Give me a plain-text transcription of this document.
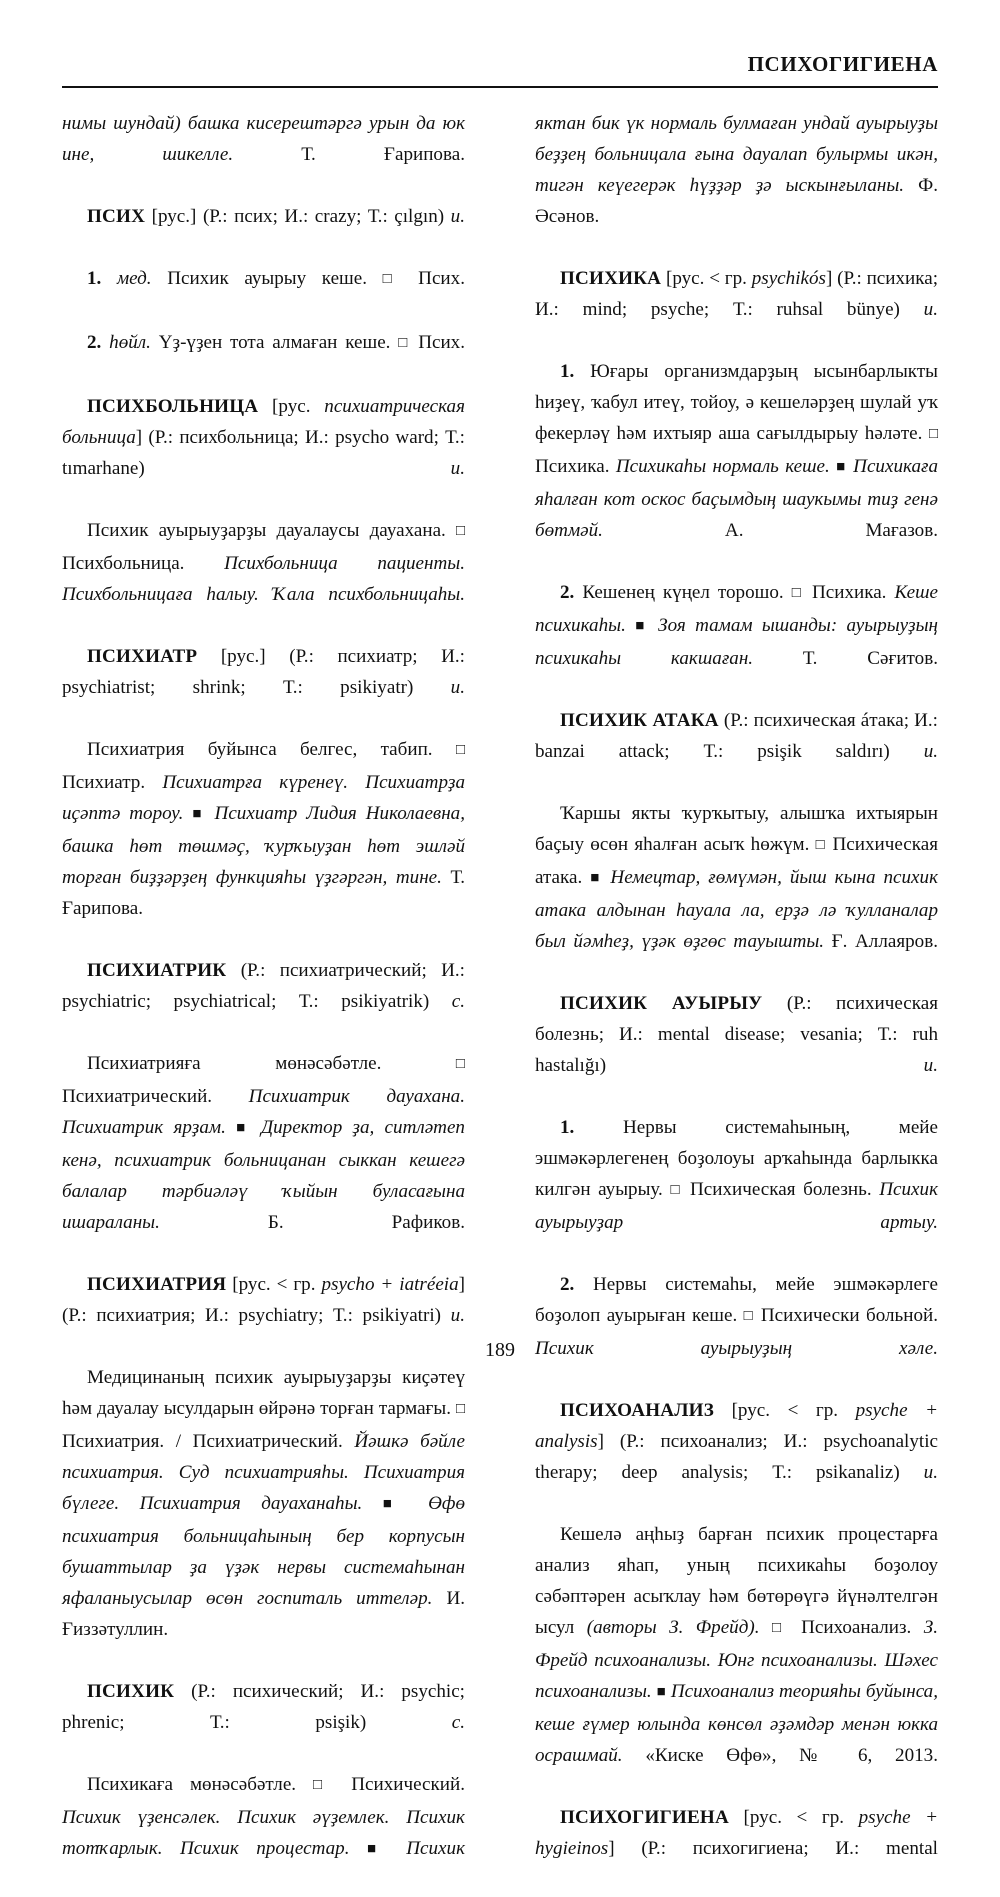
ПСИХОГИГИЕНА

нимы шундай) башка кисерештәргә урын да юк ине, шикелле.	Т. Ғарипова.

ПСИХ [рус.] (Р.: псих; И.: crazy; Т.: çılgın) и.

1. мед. Психик ауырыу кеше. □	Псих.

2. һөйл. Үҙ-үҙен тота алмаған кеше. □ Псих.

ПСИХБОЛЬНИЦА [рус. психиатрическая больница] (Р.: психбольница; И.: psycho ward; Т.: tımarhane)	и.

Психик ауырыуҙарҙы дауалаусы дауахана. □ Психбольница. Психбольница пациенты. Психбольницаға һалыу. Ҡала психбольницаһы.

ПСИХИАТР [рус.] (Р.: психиатр; И.: psychiatrist; shrink; Т.: psikiyatr) и.

Психиатрия буйынса белгес, табип. □ Психиатр. Психиатрға күренеү. Психиатрҙа иҫәптә тороу. ■ Психиатр Лидия Николаевна, башка һөт төшмәҫ, ҡурҡыуҙан һөт эшләй торған биҙҙәрҙең функцияһы үҙгәргән, тине. Т. Ғарипова.

ПСИХИАТРИК (Р.: психиатрический; И.: psychiatric; psychiatrical; Т.: psikiyatrik) с.

Психиатрияға мөнәсәбәтле. □ Психиатрический. Психиатрик дауахана. Психиатрик ярҙам. ■ Директор ҙа, ситләтеп кенә, психиатрик больницанан сыккан кешегә балалар тәрбиәләү ҡыйын буласағына ишараланы.	Б. Рафиков.

ПСИХИАТРИЯ [рус. < гр. psycho + iatréeia] (Р.: психиатрия; И.: psychiatry; Т.: psikiyatri) и.

Медицинаның психик ауырыуҙарҙы киҫәтеү һәм дауалау ысулдарын өйрәнә торған тармағы. □ Психиатрия. / Психиатрический. Йәшкә бәйле психиатрия. Суд психиатрияһы. Психиатрия бүлеге. Психиатрия дауаханаһы. ■	Өфө психиатрия больницаһының бер корпусын бушаттылар ҙа үҙәк нервы системаһынан яфаланыусылар өсөн госпиталь иттеләр. И. Ғиззәтуллин.

ПСИХИК (Р.: психический; И.: psychic; phrenic; Т.: psişik)	с.

Психикаға мөнәсәбәтле. □	Психический. Психик үҙенсәлек. Психик әүҙемлек. Психик тотҡарлык. Психик процестар. ■	Психик

яктан бик үк нормаль булмаған ундай ауырыуҙы беҙҙең больницала ғына дауалап булырмы икән, тигән кеүегерәк һүҙҙәр ҙә ыскынғыланы. Ф. Әсәнов.

ПСИХИКА [рус. < гр. psychikós] (Р.: психика; И.: mind; psyche; Т.: ruhsal bünye) и.

1. Юғары организмдарҙың ысынбарлыкты һиҙеү, ҡабул итеү, тойоу, ә кешеләрҙең шулай уҡ фекерләү һәм ихтыяр аша сағылдырыу һәләте. □ Психика. Психикаһы нормаль кеше. ■ Психикаға яһалған кот оскос баҫымдың шаукымы тиҙ генә бөтмәй.	А. Мағазов.

2. Кешенең күңел торошо. □ Психика. Кеше психикаһы. ■ Зоя тамам ышанды: ауырыуҙың психикаһы какшаған.	Т. Сәғитов.

ПСИХИК АТАКА (Р.: психическая áтака; И.: banzai attack; Т.: psişik saldırı) и.

Ҡаршы якты ҡурҡытыу, алышҡа ихтыярын баҫыу өсөн яһалған асыҡ һөжүм. □ Психическая атака. ■ Немецтар, ғөмүмән, йыш кына психик атака алдынан һауала ла, ерҙә лә ҡулланалар был йәмһеҙ, үҙәк өҙгөс тауышты. Ғ. Аллаяров.

ПСИХИК АУЫРЫУ (Р.: психическая болезнь; И.: mental disease; vesania; Т.: ruh hastalığı)	и.

1.	Нервы системаһының, мейе эшмәкәрлегенең боҙолоуы арҡаһында барлыкка килгән ауырыу. □ Психическая болезнь. Психик ауырыуҙар артыу.

2. Нервы системаһы, мейе эшмәкәрлеге боҙолоп ауырыған кеше. □ Психически больной. Психик ауырыуҙың хәле.

ПСИХОАНАЛИЗ [рус. < гр. psyche + analysis] (Р.: психоанализ; И.: psychoanalytic therapy; deep analysis; Т.: psikanaliz) и.

Кешелә аңһыҙ барған психик процестарға анализ яһап, уның психикаһы боҙолоу сәбәптәрен асыҡлау һәм бөтөрөүгә йүнәлтелгән ысул (авторы З. Фрейд). □ Психоанализ. З. Фрейд психоанализы. Юнг психоанализы. Шәхес психоанализы. ■ Психоанализ теорияһы буйынса, кеше ғүмер юлында көнсөл әҙәмдәр менән юкка осрашмай. «Киске Өфө», № 6, 2013.

ПСИХОГИГИЕНА [рус. < гр. psyche + hygieinos] (Р.: психогигиена; И.: mental

189
